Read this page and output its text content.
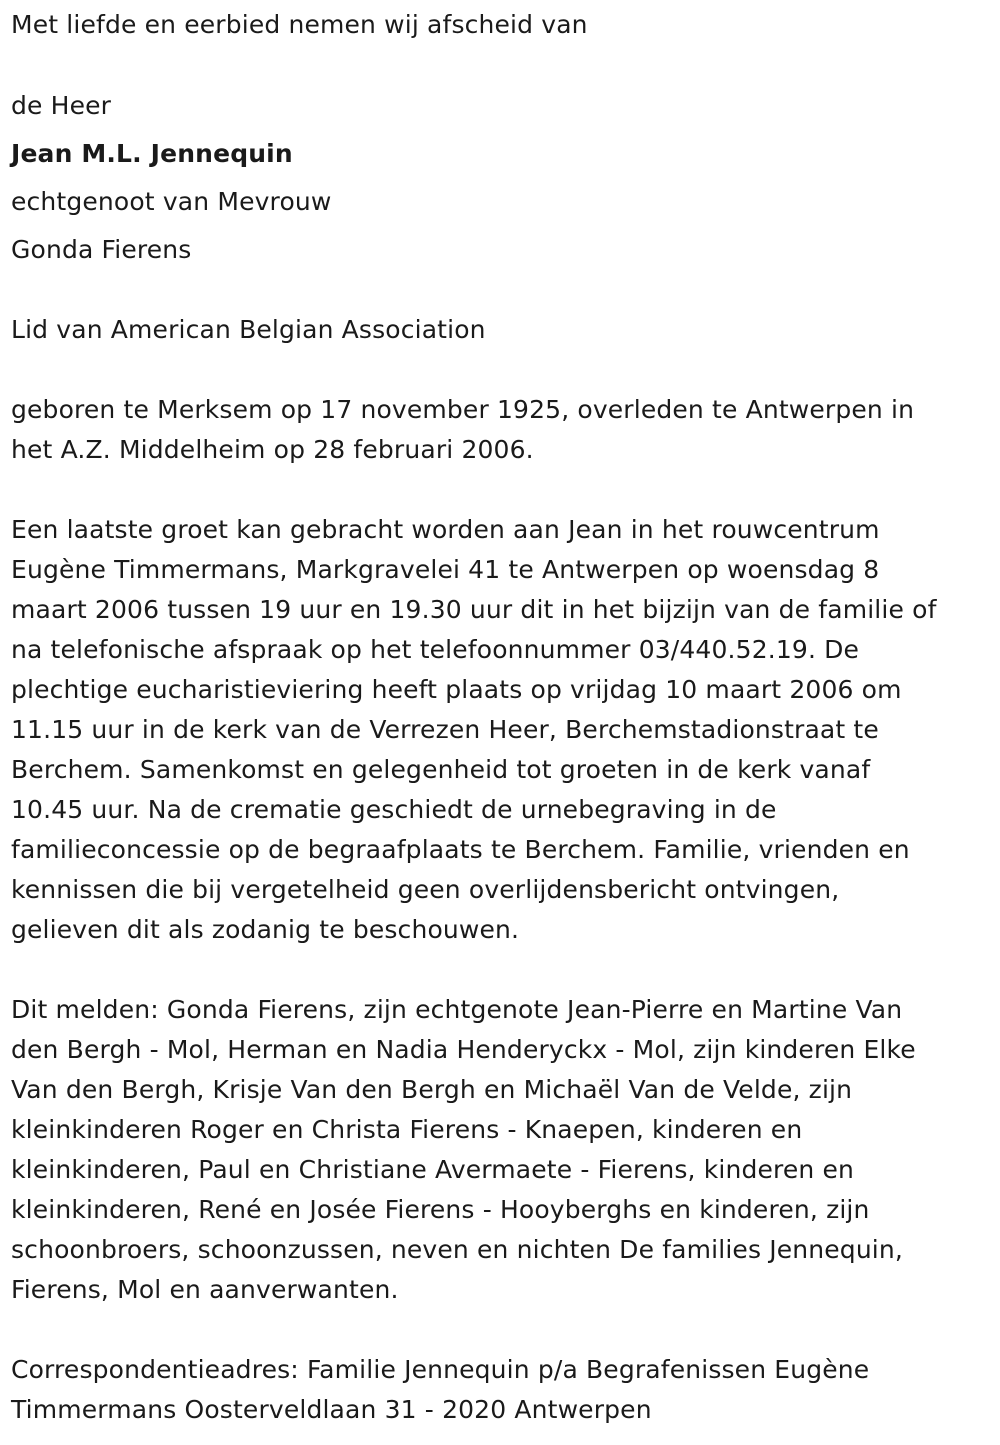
Met liefde en eerbied nemen wij afscheid van

de Heer

Jean M.L. Jennequin

echtgenoot van Mevrouw

Gonda Fierens

Lid van American Belgian Association

geboren te Merksem op 17 november 1925, overleden te Antwerpen in
het A.Z. Middelheim op 28 februari 2006.
Een laatste groet kan gebracht worden aan Jean in het rouwcentrum
Eugène Timmermans, Markgravelei 41 te Antwerpen op woensdag 8
maart 2006 tussen 19 uur en 19.30 uur dit in het bijzijn van de familie of
na telefonische afspraak op het telefoonnummer 03/440.52.19. De
plechtige eucharistieviering heeft plaats op vrijdag 10 maart 2006 om
11.15 uur in de kerk van de Verrezen Heer, Berchemstadionstraat te
Berchem. Samenkomst en gelegenheid tot groeten in de kerk vanaf
10.45 uur. Na de crematie geschiedt de urnebegraving in de
familieconcessie op de begraafplaats te Berchem. Familie, vrienden en
kennissen die bij vergetelheid geen overlijdensbericht ontvingen,
gelieven dit als zodanig te beschouwen.
Dit melden: Gonda Fierens, zijn echtgenote Jean-Pierre en Martine Van
den Bergh - Mol, Herman en Nadia Henderyckx - Mol, zijn kinderen Elke
Van den Bergh, Krisje Van den Bergh en Michaël Van de Velde, zijn
kleinkinderen Roger en Christa Fierens - Knaepen, kinderen en
kleinkinderen, Paul en Christiane Avermaete - Fierens, kinderen en
kleinkinderen, René en Josée Fierens - Hooyberghs en kinderen, zijn
schoonbroers, schoonzussen, neven en nichten De families Jennequin,
Fierens, Mol en aanverwanten.
Correspondentieadres: Familie Jennequin p/a Begrafenissen Eugène
Timmermans Oosterveldlaan 31 - 2020 Antwerpen
